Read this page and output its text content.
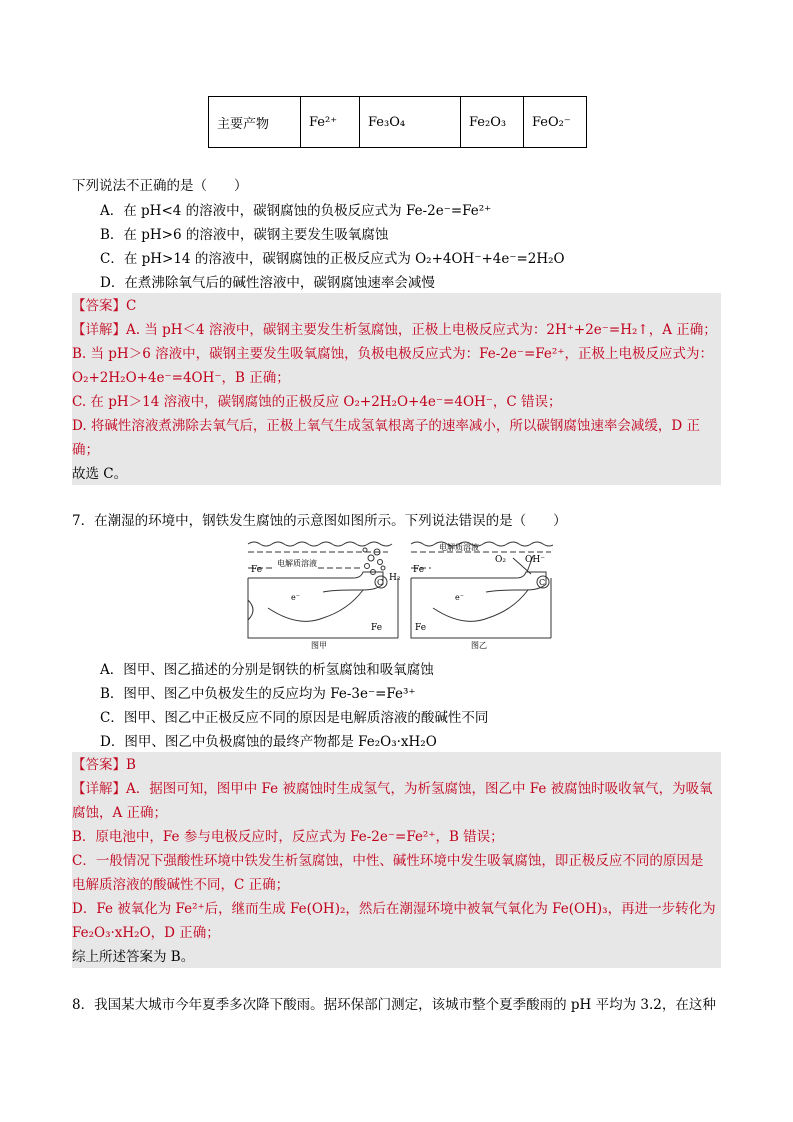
主要产物	Fe²⁺	Fe₃O₄	Fe₂O₃	FeO₂⁻
下列说法不正确的是（　　）
A．在 pH<4 的溶液中，碳钢腐蚀的负极反应式为 Fe-2e⁻=Fe²⁺
B．在 pH>6 的溶液中，碳钢主要发生吸氧腐蚀
C．在 pH>14 的溶液中，碳钢腐蚀的正极反应式为 O₂+4OH⁻+4e⁻=2H₂O
D．在煮沸除氧气后的碱性溶液中，碳钢腐蚀速率会减慢
【答案】C
【详解】A. 当 pH＜4 溶液中，碳钢主要发生析氢腐蚀，正极上电极反应式为：2H⁺+2e⁻=H₂↑，A 正确；
B. 当 pH＞6 溶液中，碳钢主要发生吸氧腐蚀，负极电极反应式为：Fe-2e⁻=Fe²⁺，正极上电极反应式为：
O₂+2H₂O+4e⁻=4OH⁻，B 正确；
C. 在 pH＞14 溶液中，碳钢腐蚀的正极反应 O₂+2H₂O+4e⁻=4OH⁻，C 错误；
D. 将碱性溶液煮沸除去氧气后，正极上氧气生成氢氧根离子的速率减小，所以碳钢腐蚀速率会减缓，D 正
确；
故选 C。
7．在潮湿的环境中，钢铁发生腐蚀的示意图如图所示。下列说法错误的是（　　）
Fe
电解质溶液
H₂
C
e⁻
Fe
图甲
Fe
电解质溶液
O₂ OH⁻
C
e⁻
Fe
图乙
A．图甲、图乙描述的分别是钢铁的析氢腐蚀和吸氧腐蚀
B．图甲、图乙中负极发生的反应均为 Fe-3e⁻=Fe³⁺
C．图甲、图乙中正极反应不同的原因是电解质溶液的酸碱性不同
D．图甲、图乙中负极腐蚀的最终产物都是 Fe₂O₃·xH₂O
【答案】B
【详解】A．据图可知，图甲中 Fe 被腐蚀时生成氢气，为析氢腐蚀，图乙中 Fe 被腐蚀时吸收氧气，为吸氧
腐蚀，A 正确；
B．原电池中，Fe 参与电极反应时，反应式为 Fe-2e⁻=Fe²⁺，B 错误；
C．一般情况下强酸性环境中铁发生析氢腐蚀，中性、碱性环境中发生吸氧腐蚀，即正极反应不同的原因是
电解质溶液的酸碱性不同，C 正确；
D．Fe 被氧化为 Fe²⁺后，继而生成 Fe(OH)₂，然后在潮湿环境中被氧气氧化为 Fe(OH)₃，再进一步转化为
Fe₂O₃·xH₂O，D 正确；
综上所述答案为 B。
8．我国某大城市今年夏季多次降下酸雨。据环保部门测定，该城市整个夏季酸雨的 pH 平均为 3.2，在这种
